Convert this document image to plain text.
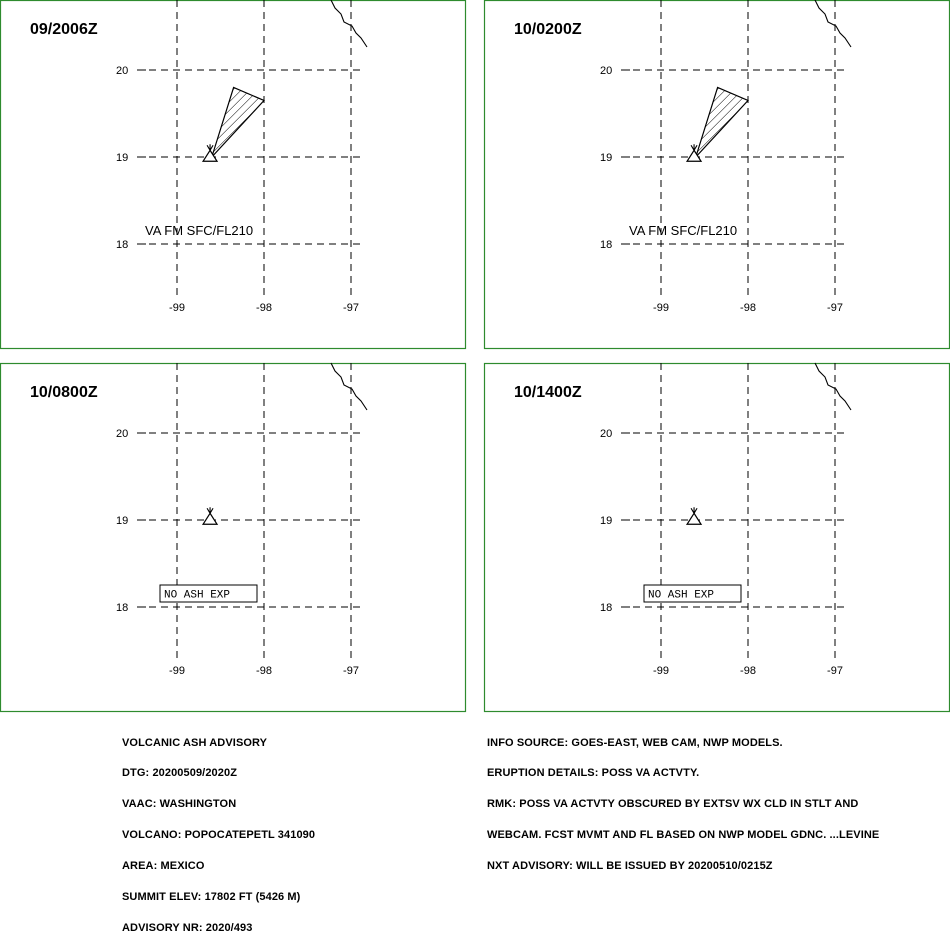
20
19
18
-99	-98	-97
09/2006Z
VA FM SFC/FL210
20
19
18
-99	-98	-97
10/0200Z
VA FM SFC/FL210
20
19
18
-99	-98	-97
10/0800Z
NO ASH EXP
20
19
18
-99	-98	-97
10/1400Z
NO ASH EXP

VOLCANIC ASH ADVISORY

DTG: 20200509/2020Z

VAAC: WASHINGTON

VOLCANO: POPOCATEPETL 341090

AREA: MEXICO

SUMMIT ELEV: 17802 FT (5426 M)

ADVISORY NR: 2020/493

INFO SOURCE: GOES-EAST, WEB CAM, NWP MODELS.

ERUPTION DETAILS: POSS VA ACTVTY.

RMK: POSS VA ACTVTY OBSCURED BY EXTSV WX CLD IN STLT AND

WEBCAM. FCST MVMT AND FL BASED ON NWP MODEL GDNC. ...LEVINE

NXT ADVISORY: WILL BE ISSUED BY 20200510/0215Z
